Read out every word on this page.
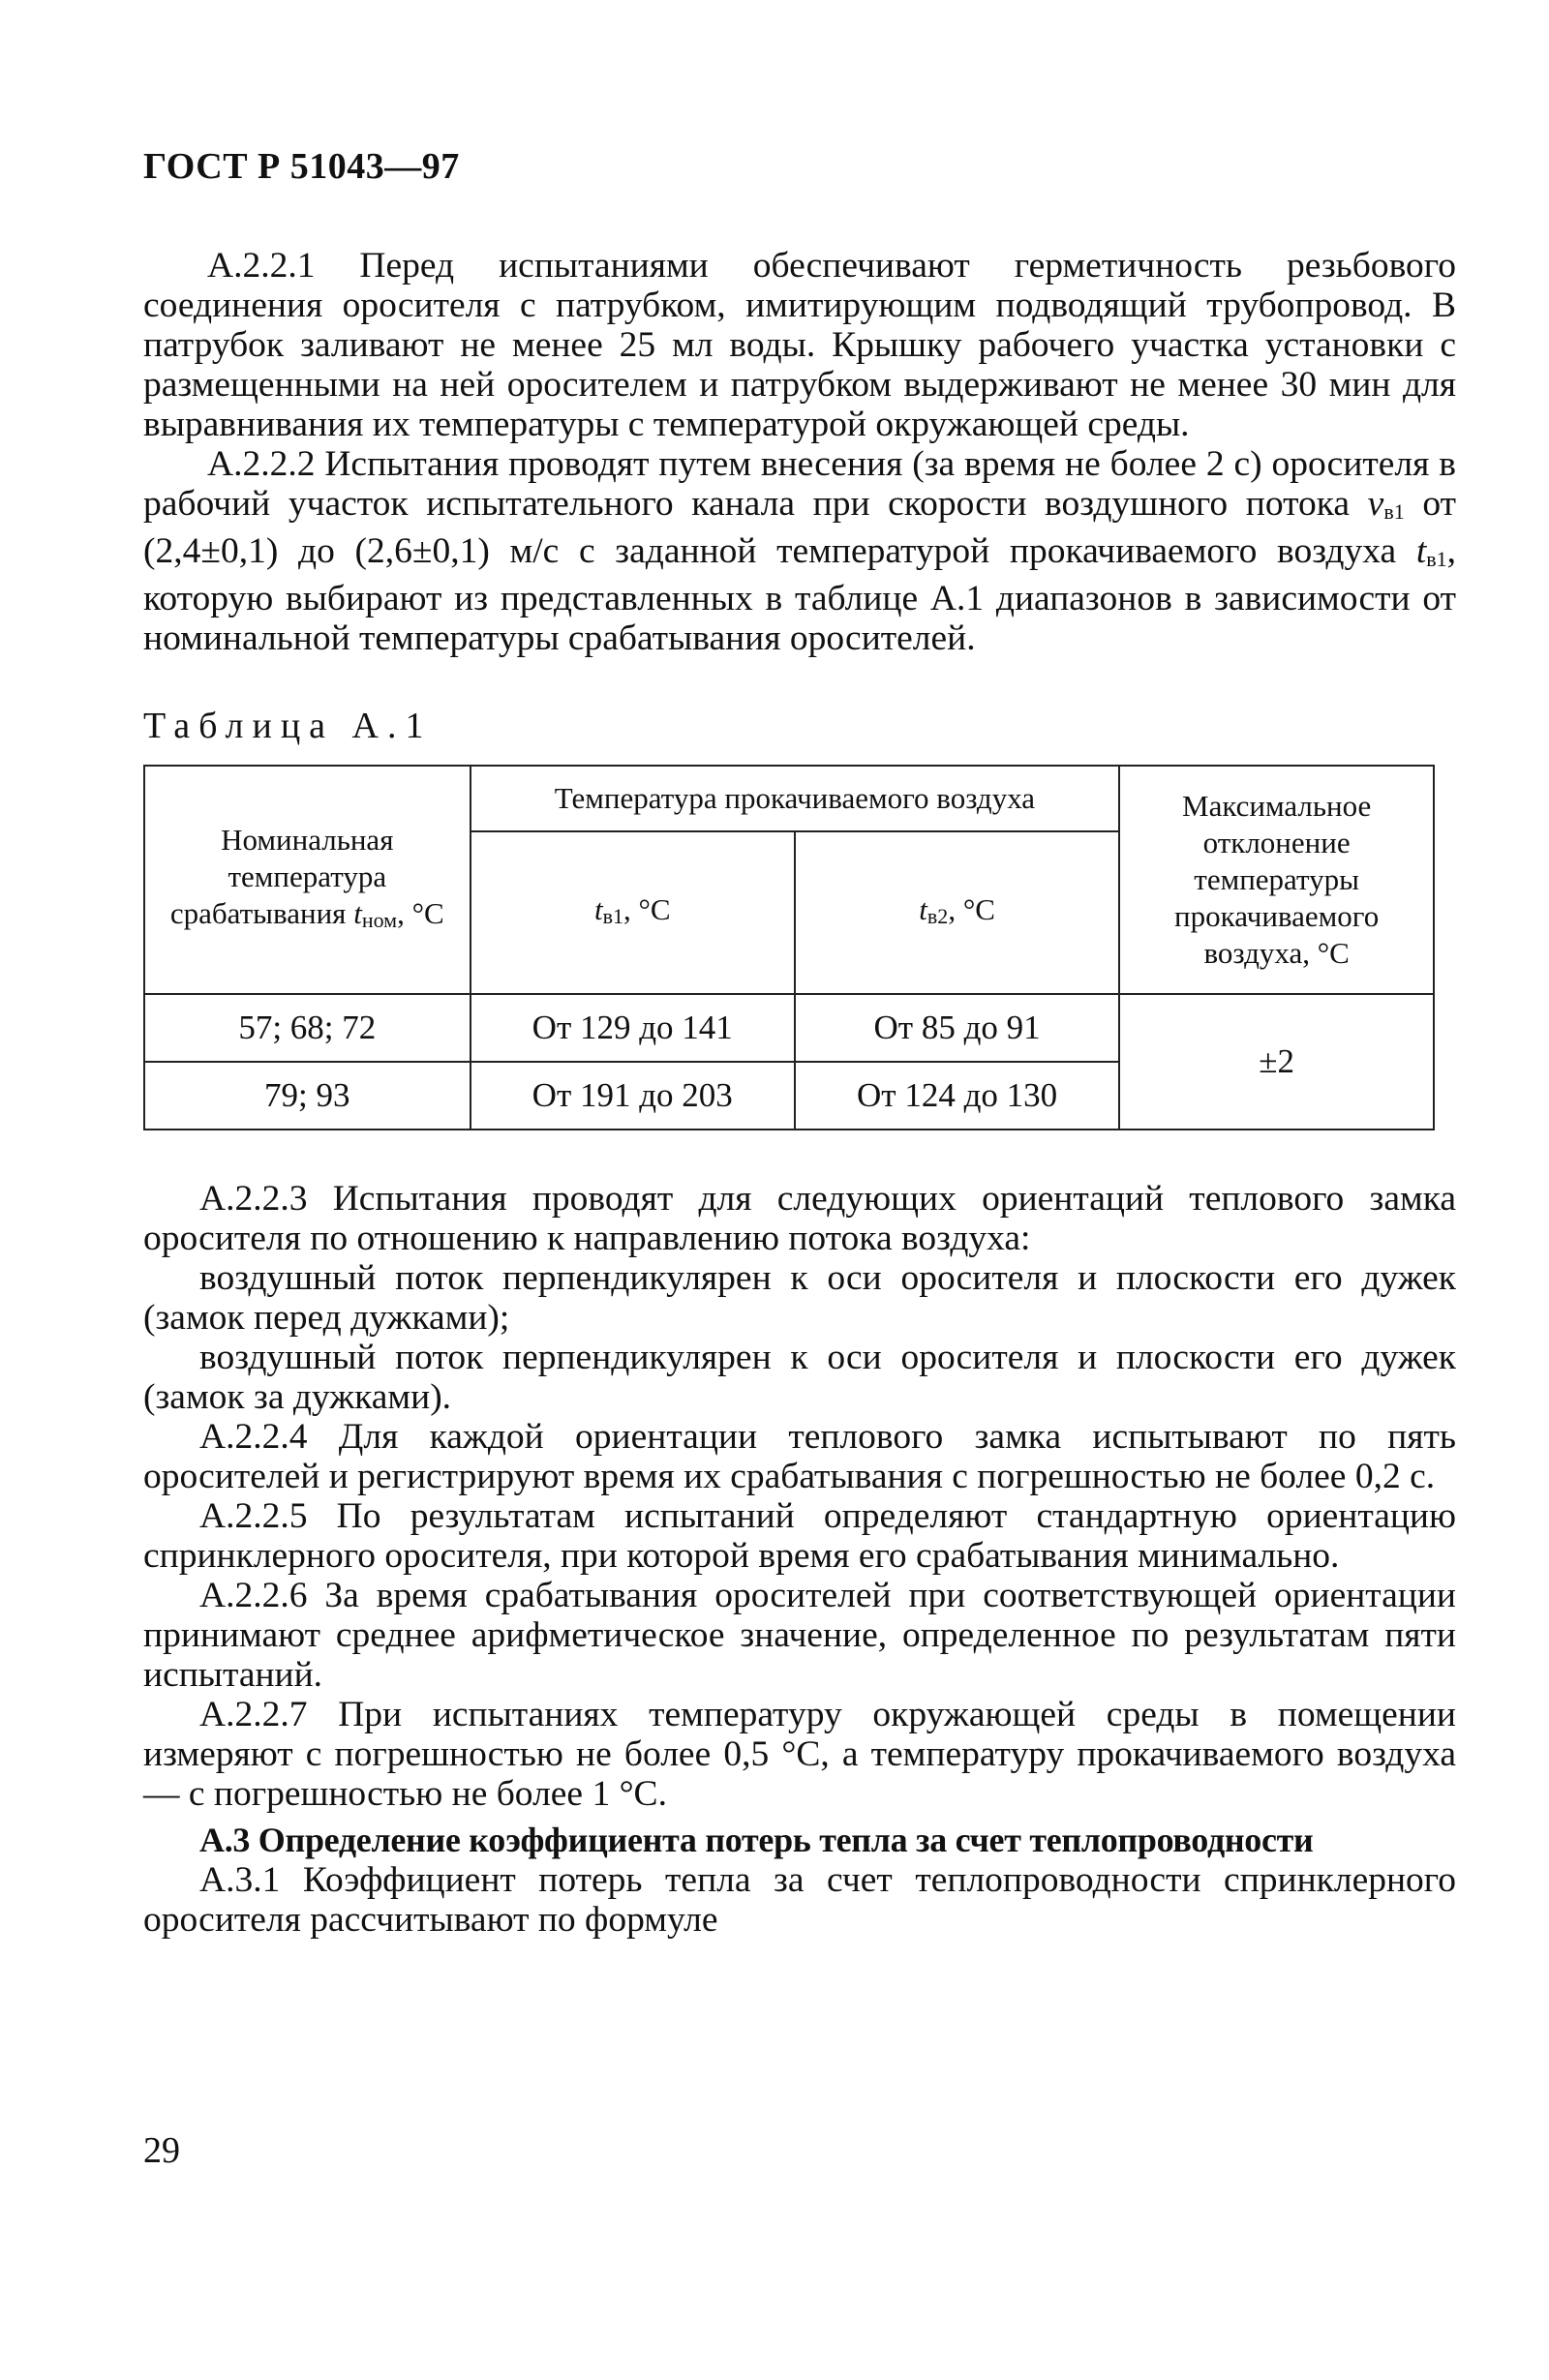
ГОСТ Р 51043—97

А.2.2.1 Перед испытаниями обеспечивают герметичность резьбового соединения оросителя с патрубком, имитирующим подводящий трубопровод. В патрубок заливают не менее 25 мл воды. Крышку рабочего участка установки с размещенными на ней оросителем и патрубком выдерживают не менее 30 мин для выравнивания их температуры с температурой окружающей среды.

А.2.2.2 Испытания проводят путем внесения (за время не более 2 с) оросителя в рабочий участок испытательного канала при скорости воздушного потока $v_{в1}$ от (2,4±0,1) до (2,6±0,1) м/с с заданной температурой прокачиваемого воздуха $t_{в1}$, которую выбирают из представленных в таблице А.1 диапазонов в зависимости от номинальной температуры срабатывания оросителей.

Таблица А.1
Номинальная температура срабатывания $t_{ном}$, °С	Температура прокачиваемого воздуха		Максимальное отклонение температуры прокачиваемого воздуха, °С
	$t_{в1}$, °С	$t_{в2}$, °С	
57; 68; 72	От 129 до 141	От 85 до 91	±2
79; 93	От 191 до 203	От 124 до 130	

А.2.2.3 Испытания проводят для следующих ориентаций теплового замка оросителя по отношению к направлению потока воздуха:

воздушный поток перпендикулярен к оси оросителя и плоскости его дужек (замок перед дужками);

воздушный поток перпендикулярен к оси оросителя и плоскости его дужек (замок за дужками).

А.2.2.4 Для каждой ориентации теплового замка испытывают по пять оросителей и регистрируют время их срабатывания с погрешностью не более 0,2 с.

А.2.2.5 По результатам испытаний определяют стандартную ориентацию спринклерного оросителя, при которой время его срабатывания минимально.

А.2.2.6 За время срабатывания оросителей при соответствующей ориентации принимают среднее арифметическое значение, определенное по результатам пяти испытаний.

А.2.2.7 При испытаниях температуру окружающей среды в помещении измеряют с погрешностью не более 0,5 °С, а температуру прокачиваемого воздуха — с погрешностью не более 1 °С.

А.3 Определение коэффициента потерь тепла за счет теплопроводности

А.3.1 Коэффициент потерь тепла за счет теплопроводности спринклерного оросителя рассчитывают по формуле

29
